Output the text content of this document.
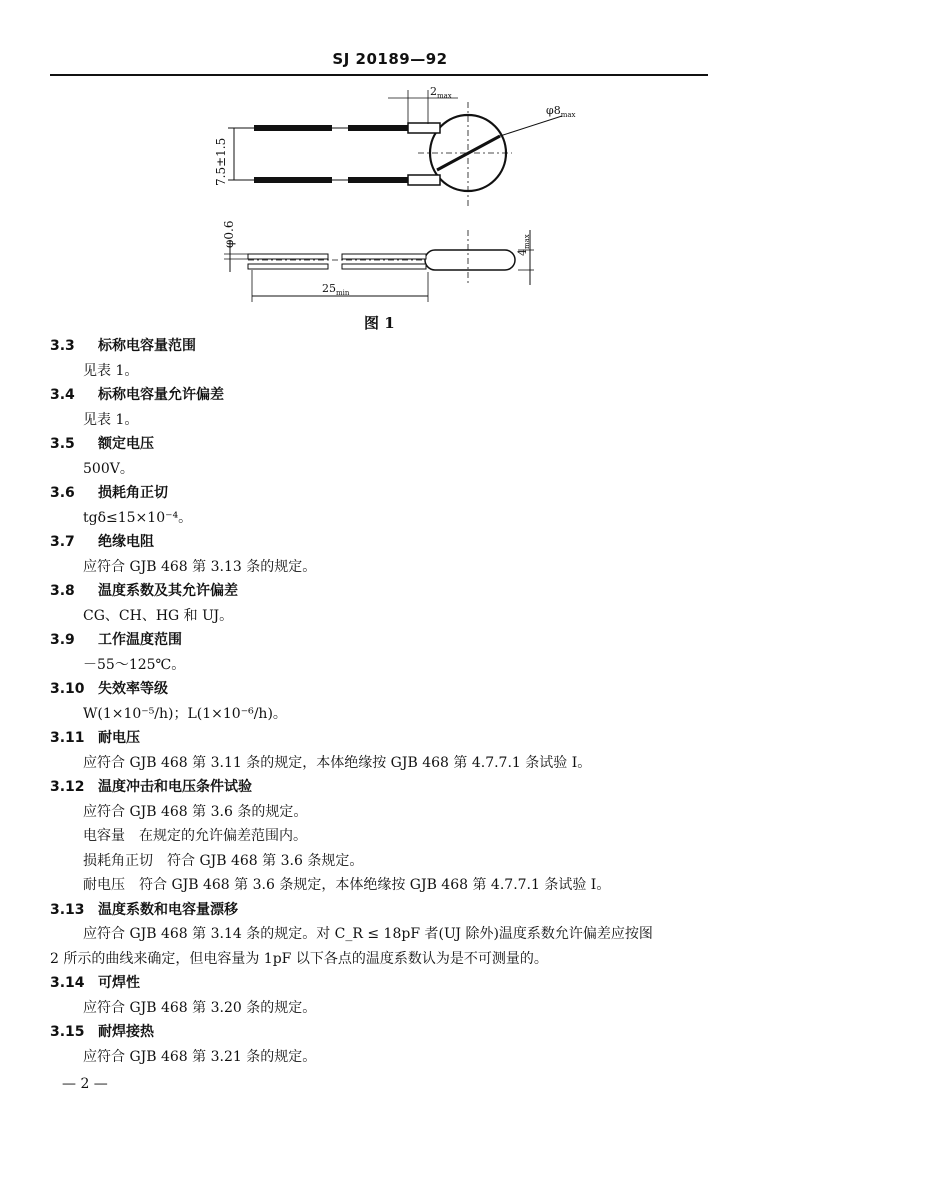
SJ 20189—92
7.5±1.5
$2_{max}$
$\varphi 8_{max}$
φ0.6
$4_{max}$
$25_{min}$
图 1
3.3 标称电容量范围
见表 1。
3.4 标称电容量允许偏差
见表 1。
3.5 额定电压
500V。
3.6 损耗角正切
tgδ≤15×10⁻⁴。
3.7 绝缘电阻
应符合 GJB 468 第 3.13 条的规定。
3.8 温度系数及其允许偏差
CG、CH、HG 和 UJ。
3.9 工作温度范围
－55～125℃。
3.10 失效率等级
W(1×10⁻⁵/h)；L(1×10⁻⁶/h)。
3.11 耐电压
应符合 GJB 468 第 3.11 条的规定，本体绝缘按 GJB 468 第 4.7.7.1 条试验 Ⅰ。
3.12 温度冲击和电压条件试验
应符合 GJB 468 第 3.6 条的规定。
电容量　在规定的允许偏差范围内。
损耗角正切　符合 GJB 468 第 3.6 条规定。
耐电压　符合 GJB 468 第 3.6 条规定，本体绝缘按 GJB 468 第 4.7.7.1 条试验 Ⅰ。
3.13 温度系数和电容量漂移
应符合 GJB 468 第 3.14 条的规定。对 C_R ≤ 18pF 者(UJ 除外)温度系数允许偏差应按图
2 所示的曲线来确定，但电容量为 1pF 以下各点的温度系数认为是不可测量的。
3.14 可焊性
应符合 GJB 468 第 3.20 条的规定。
3.15 耐焊接热
应符合 GJB 468 第 3.21 条的规定。
— 2 —
